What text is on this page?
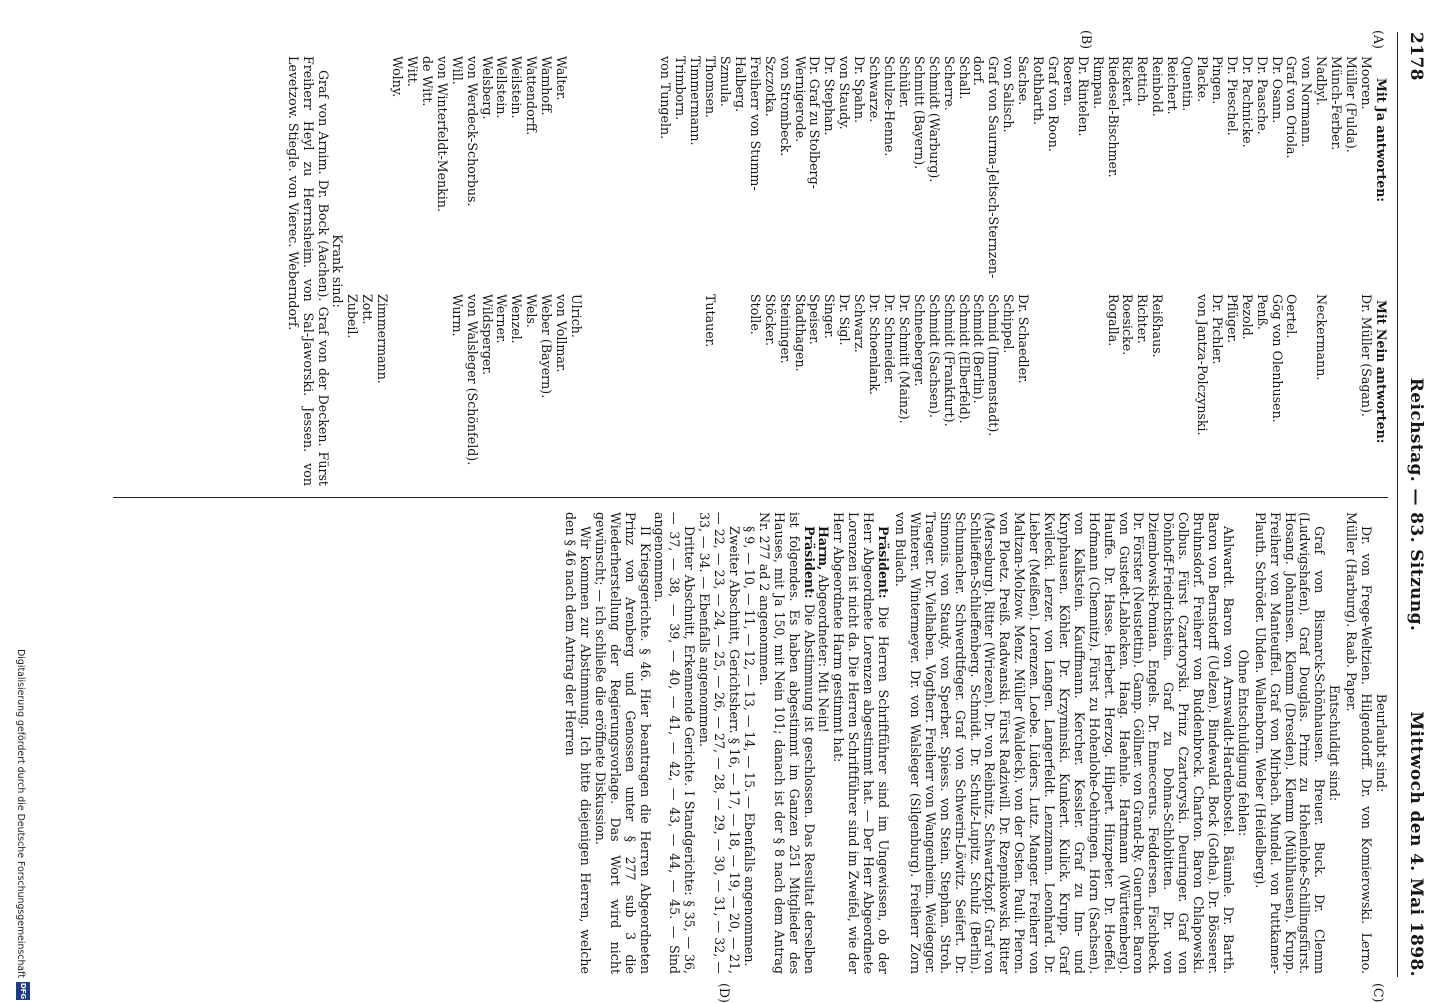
2178
Reichstag. — 83. Sitzung.
Mittwoch den 4. Mai 1898.
(A)
(B)
(C)
(D)
Mit Ja antworten:
Mit Nein antworten:
Mooren.	Dr. Müller (Sagan).
Müller (Fulda).	
Münch-Ferber.	
Nadbyl.	Neckermann.
von Normann.	
Graf von Oriola.	Oertel.
Dr. Osann.	Gög von Olenhusen.
Dr. Paasche.	Penß.
Dr. Pachnicke.	Pezold.
Dr. Pieschel.	Pflüger.
Pingen.	Dr. Pichler.
Placke.	von Jantza-Polczynski.
Quentin.	
Reichert.	
Reinbold.	Reißhaus.
Rettich.	Richter.
Rickert.	Roesicke.
Riedesel-Bischmer.	Rogalla.
Rimpau.	
Dr. Rintelen.	
Roeren.	
Graf von Roon.	
Rothbarth.	
Sachse.	Dr. Schaedler.
von Salisch.	Schippel.
Graf von Saurma-Jeltsch-Sternzen-	Schmid (Immenstadt).
dorf.	Schmidt (Berlin).
Schall.	Schmidt (Elberfeld).
Scherre.	Schmidt (Frankfurt).
Schmidt (Warburg).	Schmidt (Sachsen).
Schmitt (Bayern).	Schneeberger.
Schüler.	Dr. Schmitt (Mainz).
Schulze-Henne.	Dr. Schneider.
Schwarze.	Dr. Schoenlank.
Dr. Spahn.	Schwarz.
von Staudy.	Dr. Sigl.
Dr. Stephan.	Singer.
Dr. Graf zu Stolberg-	Speiser.
Wernigerode.	Stadthagen.
von Strombeck.	Steininger.
Szczotka.	Stöcker.
Freiherr von Stumm-	Stolle.
Halberg.	
Szmula.	
Thomsen.	Tutauer.
Timmermann.	
Trimborn.	
von Tungeln.	

	Ulrich.
Walter.	von Vollmar.
Wamhoff.	Weber (Bayern).
Wattendorff.	Wels.
Weilstein.	Wenzel.
Wellstein.	Werner.
Welsberg.	Wildsperger.
von Werdeck-Schorbus.	von Walsleger (Schönfeld).
Will.	Wurm.
von Winterfeldt-Menkin.	
de Witt.	
Witt.	
Wolny.	
	Zimmermann.
	Zott.
	Zubeil.

Krank sind:

Graf von Arnim. Dr. Bock (Aachen). Graf von der Decken. Fürst Freiherr Heyl zu Herrnsheim. von Sal-Jaworski. Jessen. von Levetzow. Stiegle. von Vierec. Weberndorf.

Beurlaubt sind:

Dr. von Frege-Weltzien. Hilgendorff. Dr. von Komierowski. Lerno. Müller (Harburg). Raab. Paper.

Entschuldigt sind:

Graf von Bismarck-Schönhausen. Breuer. Buck. Dr. Clemm (Ludwigshafen). Graf Douglas. Prinz zu Hohenlohe-Schillingsfürst. Hosang. Johannsen. Klemm (Dresden). Klemm (Mühlhausen). Krupp. Freiherr von Manteuffel. Graf von Mirbach. Mundel. von Puttkamer-Plauth. Schröder. Uhden. Wallenborn. Weber (Heidelberg).

Ohne Entschuldigung fehlen:

Ahlwardt. Baron von Arnswaldt-Hardenbostel. Bäumle. Dr. Barth. Baron von Bernstorff (Uelzen). Bindewald. Bock (Gotha). Dr. Bösserer. Bruhnsdorf. Freiherr von Buddenbrock. Charton. Baron Chlapowski. Colbus. Fürst Czartoryski. Prinz Czartoryski. Deuringer. Graf von Dönhoff-Friedrichstein. Graf zu Dohna-Schlobitten. Dr. von Dziembowski-Pomian. Engels. Dr. Enneccerus. Feddersen. Fischbeck. Dr. Förster (Neustettin). Gamp. Göllner. von Grand-Ry. Gueruber. Baron von Gustedt-Lablacken. Haag. Haehnle. Hartmann (Württemberg). Hauffe. Dr. Hasse. Herbert. Herzog. Hilpert. Hinzpeter. Dr. Hoeffel. Hofmann (Chemnitz). Fürst zu Hohenlohe-Oehringen. Horn (Sachsen). von Kalkstein. Kauffmann. Kercher. Kessler. Graf zu Inn- und Knyphausen. Köhler. Dr. Krzyminski. Kunkert. Kulick. Krupp. Graf Kwilecki. Lerzer. von Langen. Langerfeldt. Lenzmann. Leonhard. Dr. Lieber (Meißen). Lorenzen. Loebe. Lüders. Lutz. Manger. Freiherr von Maltzan-Molzow. Menz. Müller (Waldeck). von der Osten. Pauli. Pieron. von Ploetz. Preiß. Radwanski. Fürst Radziwill. Dr. Rzepnikowski. Ritter (Merseburg). Ritter (Wriezen). Dr. von Reibnitz. Schwartzkopf. Graf von Schlieffen-Schlieffenberg. Schmidt. Dr. Schulz-Lupitz. Schulz (Berlin). Schumacher. Schwerdtfeger. Graf von Schwerin-Löwitz. Seifert. Dr. Simonis. von Staudy. von Sperber. Spiess. von Stein. Stephan. Stroh. Traeger. Dr. Vielhaben. Vogtherr. Freiherr von Wangenheim. Weidegger. Winterer. Wintermeyer. Dr. von Walsleger (Silgenburg). Freiherr Zorn von Bulach.

Präsident: Die Herren Schriftführer sind im Ungewissen, ob der Herr Abgeordnete Lorenzen abgestimmt hat. — Der Herr Abgeordnete Lorenzen ist nicht da. Die Herren Schriftführer sind im Zweifel, wie der Herr Abgeordnete Harm gestimmt hat:

Harm, Abgeordneter: Mit Nein!

Präsident: Die Abstimmung ist geschlossen. Das Resultat derselben ist folgendes. Es haben abgestimmt im Ganzen 251 Mitglieder des Hauses, mit Ja 150, mit Nein 101; danach ist der § 8 nach dem Antrag Nr. 277 ad 2 angenommen.

§ 9, — 10, — 11, — 12, — 13, — 14, — 15. — Ebenfalls angenommen.

Zweiter Abschnitt, Gerichtsherr. § 16, — 17, — 18, — 19, — 20, — 21, — 22, — 23, — 24, — 25, — 26, — 27, — 28, — 29, — 30, — 31, — 32, — 33, — 34. — Ebenfalls angenommen.

Dritter Abschnitt, Erkennende Gerichte. I Standgerichte: § 35, — 36, — 37, — 38, — 39, — 40, — 41, — 42, — 43, — 44, — 45. — Sind angenommen.

II Kriegsgerichte. § 46. Hier beantragen die Herren Abgeordneten Prinz von Arenberg und Genossen unter § 277 sub 3 die Wiederherstellung der Regierungsvorlage. Das Wort wird nicht gewünscht; — ich schließe die eröffnete Diskussion.

Wir kommen zur Abstimmung. Ich bitte diejenigen Herren, welche den § 46 nach dem Antrag der Herren

Digitalisierung gefördert durch die Deutsche Forschungsgemeinschaft
DFG
